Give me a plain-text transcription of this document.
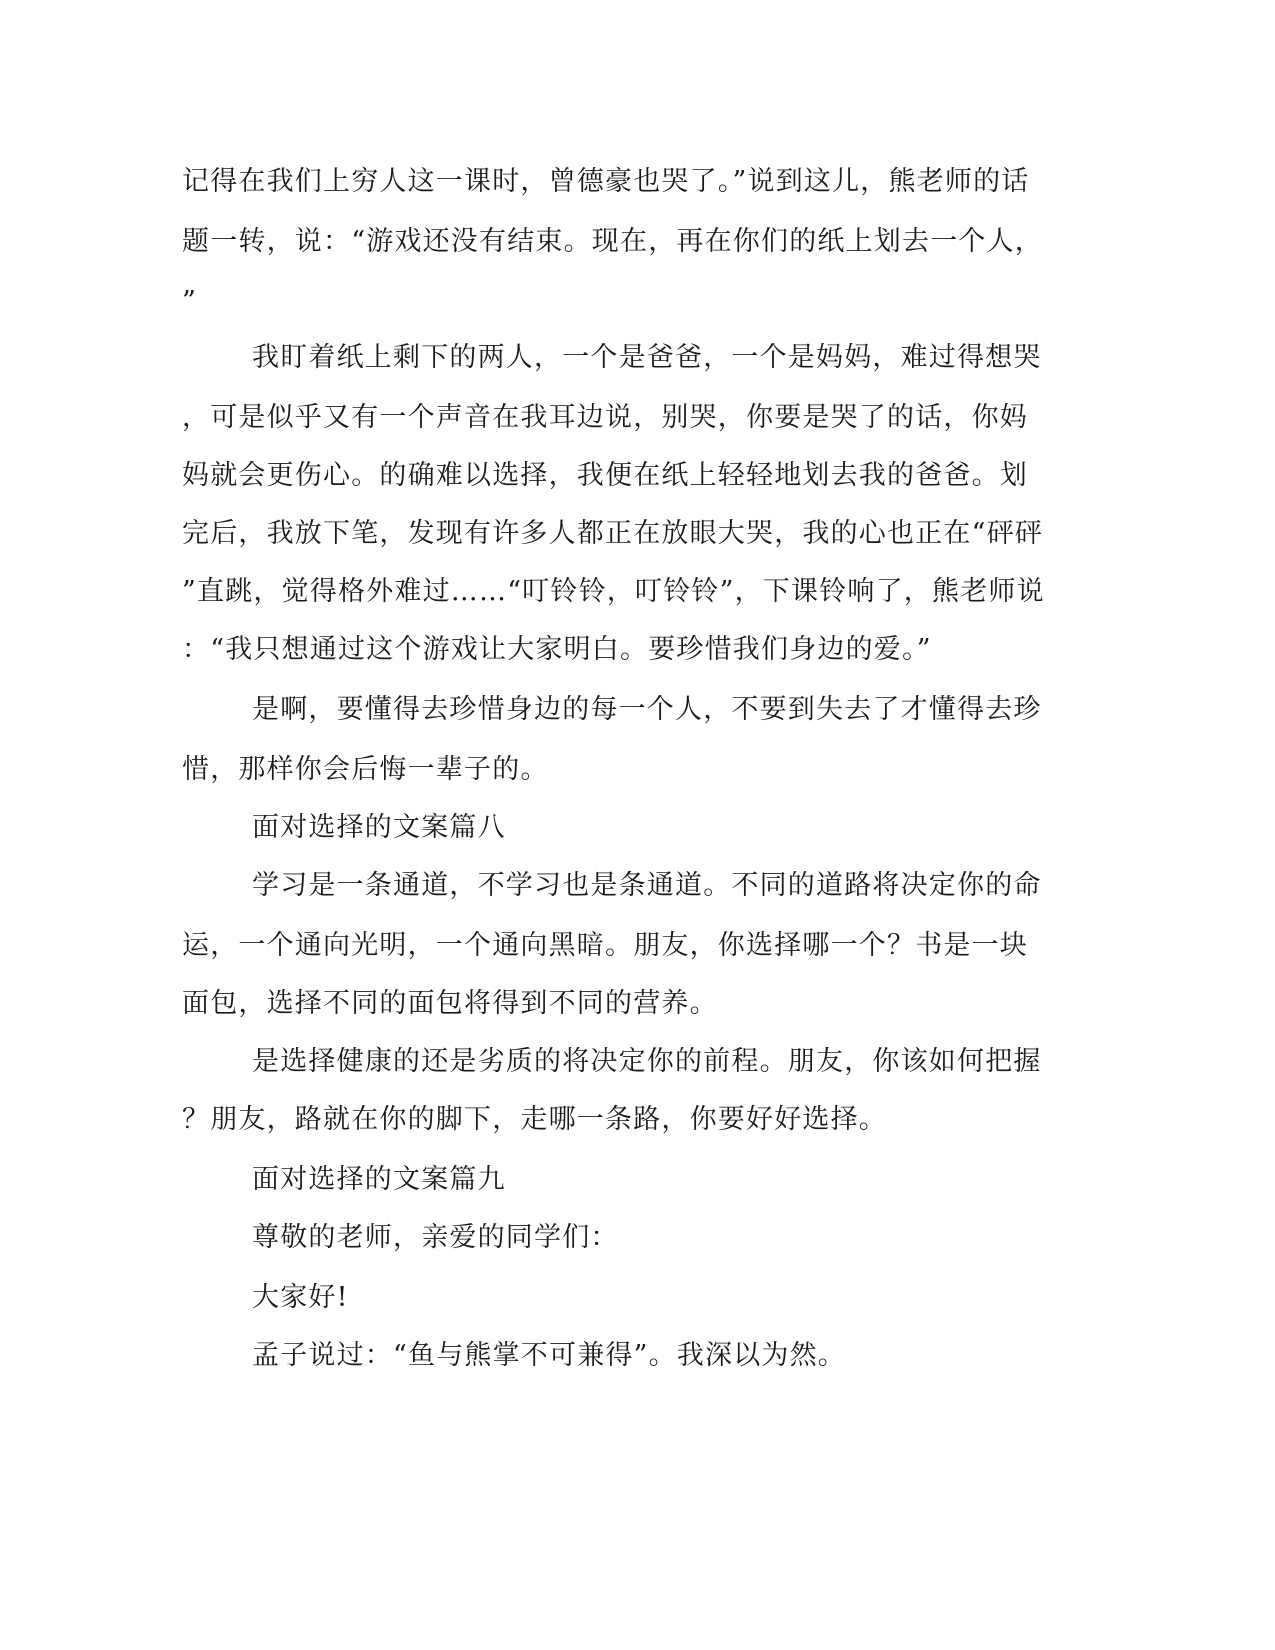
记得在我们上穷人这一课时，曾德豪也哭了。”说到这儿，熊老师的话
题一转，说：“游戏还没有结束。现在，再在你们的纸上划去一个人，
”
我盯着纸上剩下的两人，一个是爸爸，一个是妈妈，难过得想哭
，可是似乎又有一个声音在我耳边说，别哭，你要是哭了的话，你妈
妈就会更伤心。的确难以选择，我便在纸上轻轻地划去我的爸爸。划
完后，我放下笔，发现有许多人都正在放眼大哭，我的心也正在“砰砰
”直跳，觉得格外难过……“叮铃铃，叮铃铃”，下课铃响了，熊老师说
：“我只想通过这个游戏让大家明白。要珍惜我们身边的爱。”
是啊，要懂得去珍惜身边的每一个人，不要到失去了才懂得去珍
惜，那样你会后悔一辈子的。
面对选择的文案篇八
学习是一条通道，不学习也是条通道。不同的道路将决定你的命
运，一个通向光明，一个通向黑暗。朋友，你选择哪一个？书是一块
面包，选择不同的面包将得到不同的营养。
是选择健康的还是劣质的将决定你的前程。朋友，你该如何把握
？朋友，路就在你的脚下，走哪一条路，你要好好选择。
面对选择的文案篇九
尊敬的老师，亲爱的同学们：
大家好!
孟子说过：“鱼与熊掌不可兼得”。我深以为然。
